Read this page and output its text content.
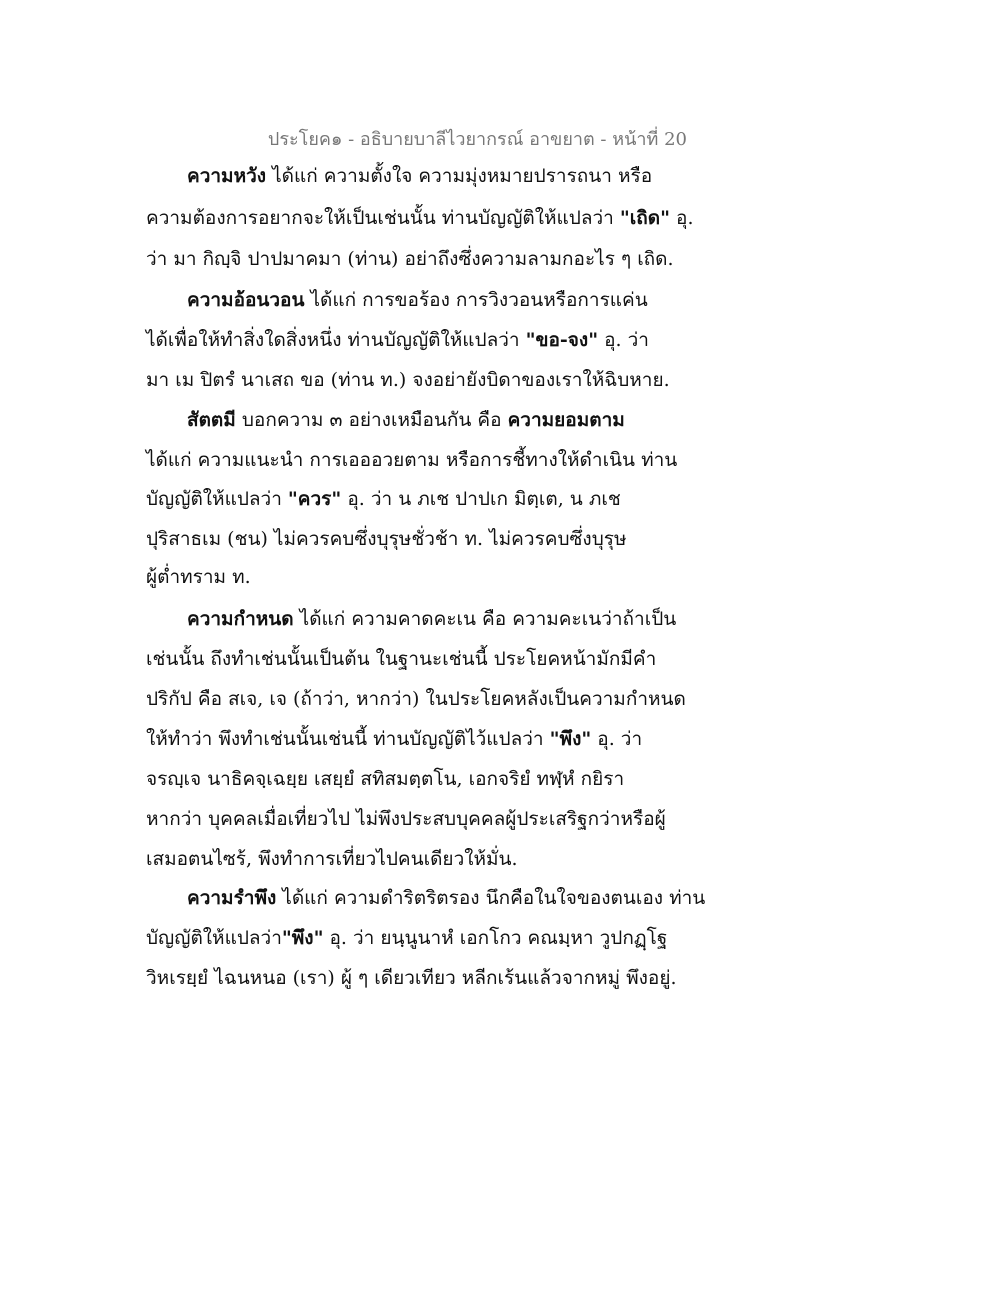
ประโยค๑ - อธิบายบาลีไวยากรณ์ อาขยาต - หน้าที่ 20
ความหวัง ได้แก่ ความตั้งใจ ความมุ่งหมายปรารถนา หรือ
ความต้องการอยากจะให้เป็นเช่นนั้น ท่านบัญญัติให้แปลว่า "เถิด" อุ.
ว่า มา กิญฺจิ ปาปมาคมา (ท่าน) อย่าถึงซึ่งความลามกอะไร ๆ เถิด.
ความอ้อนวอน ได้แก่ การขอร้อง การวิงวอนหรือการแค่น
ได้เพื่อให้ทำสิ่งใดสิ่งหนึ่ง ท่านบัญญัติให้แปลว่า "ขอ-จง" อุ. ว่า
มา เม ปิตรํ นาเสถ ขอ (ท่าน ท.) จงอย่ายังบิดาของเราให้ฉิบหาย.
สัตตมี บอกความ ๓ อย่างเหมือนกัน คือ ความยอมตาม
ได้แก่ ความแนะนำ การเอออวยตาม หรือการชี้ทางให้ดำเนิน ท่าน
บัญญัติให้แปลว่า "ควร" อุ. ว่า น ภเช ปาปเก มิตฺเต, น ภเช
ปุริสาธเม (ชน) ไม่ควรคบซึ่งบุรุษชั่วช้า ท. ไม่ควรคบซึ่งบุรุษ
ผู้ต่ำทราม ท.
ความกำหนด ได้แก่ ความคาดคะเน คือ ความคะเนว่าถ้าเป็น
เช่นนั้น ถึงทำเช่นนั้นเป็นต้น ในฐานะเช่นนี้ ประโยคหน้ามักมีคำ
ปริกัป คือ สเจ, เจ (ถ้าว่า, หากว่า) ในประโยคหลังเป็นความกำหนด
ให้ทำว่า พึงทำเช่นนั้นเช่นนี้ ท่านบัญญัติไว้แปลว่า "พึง" อุ. ว่า
จรญฺเจ นาธิคจฺเฉยฺย เสยฺยํ สทิสมตฺตโน, เอกจริยํ ทฬฺหํ กยิรา
หากว่า บุคคลเมื่อเที่ยวไป ไม่พึงประสบบุคคลผู้ประเสริฐกว่าหรือผู้
เสมอตนไซร้, พึงทำการเที่ยวไปคนเดียวให้มั่น.
ความรำพึง ได้แก่ ความดำริตริตรอง นึกคือในใจของตนเอง ท่าน
บัญญัติให้แปลว่า"พึง" อุ. ว่า ยนฺนูนาหํ เอกโกว คณมฺหา วูปกฏฺโฐ
วิหเรยฺยํ ไฉนหนอ (เรา) ผู้ ๆ เดียวเทียว หลีกเร้นแล้วจากหมู่ พึงอยู่.
